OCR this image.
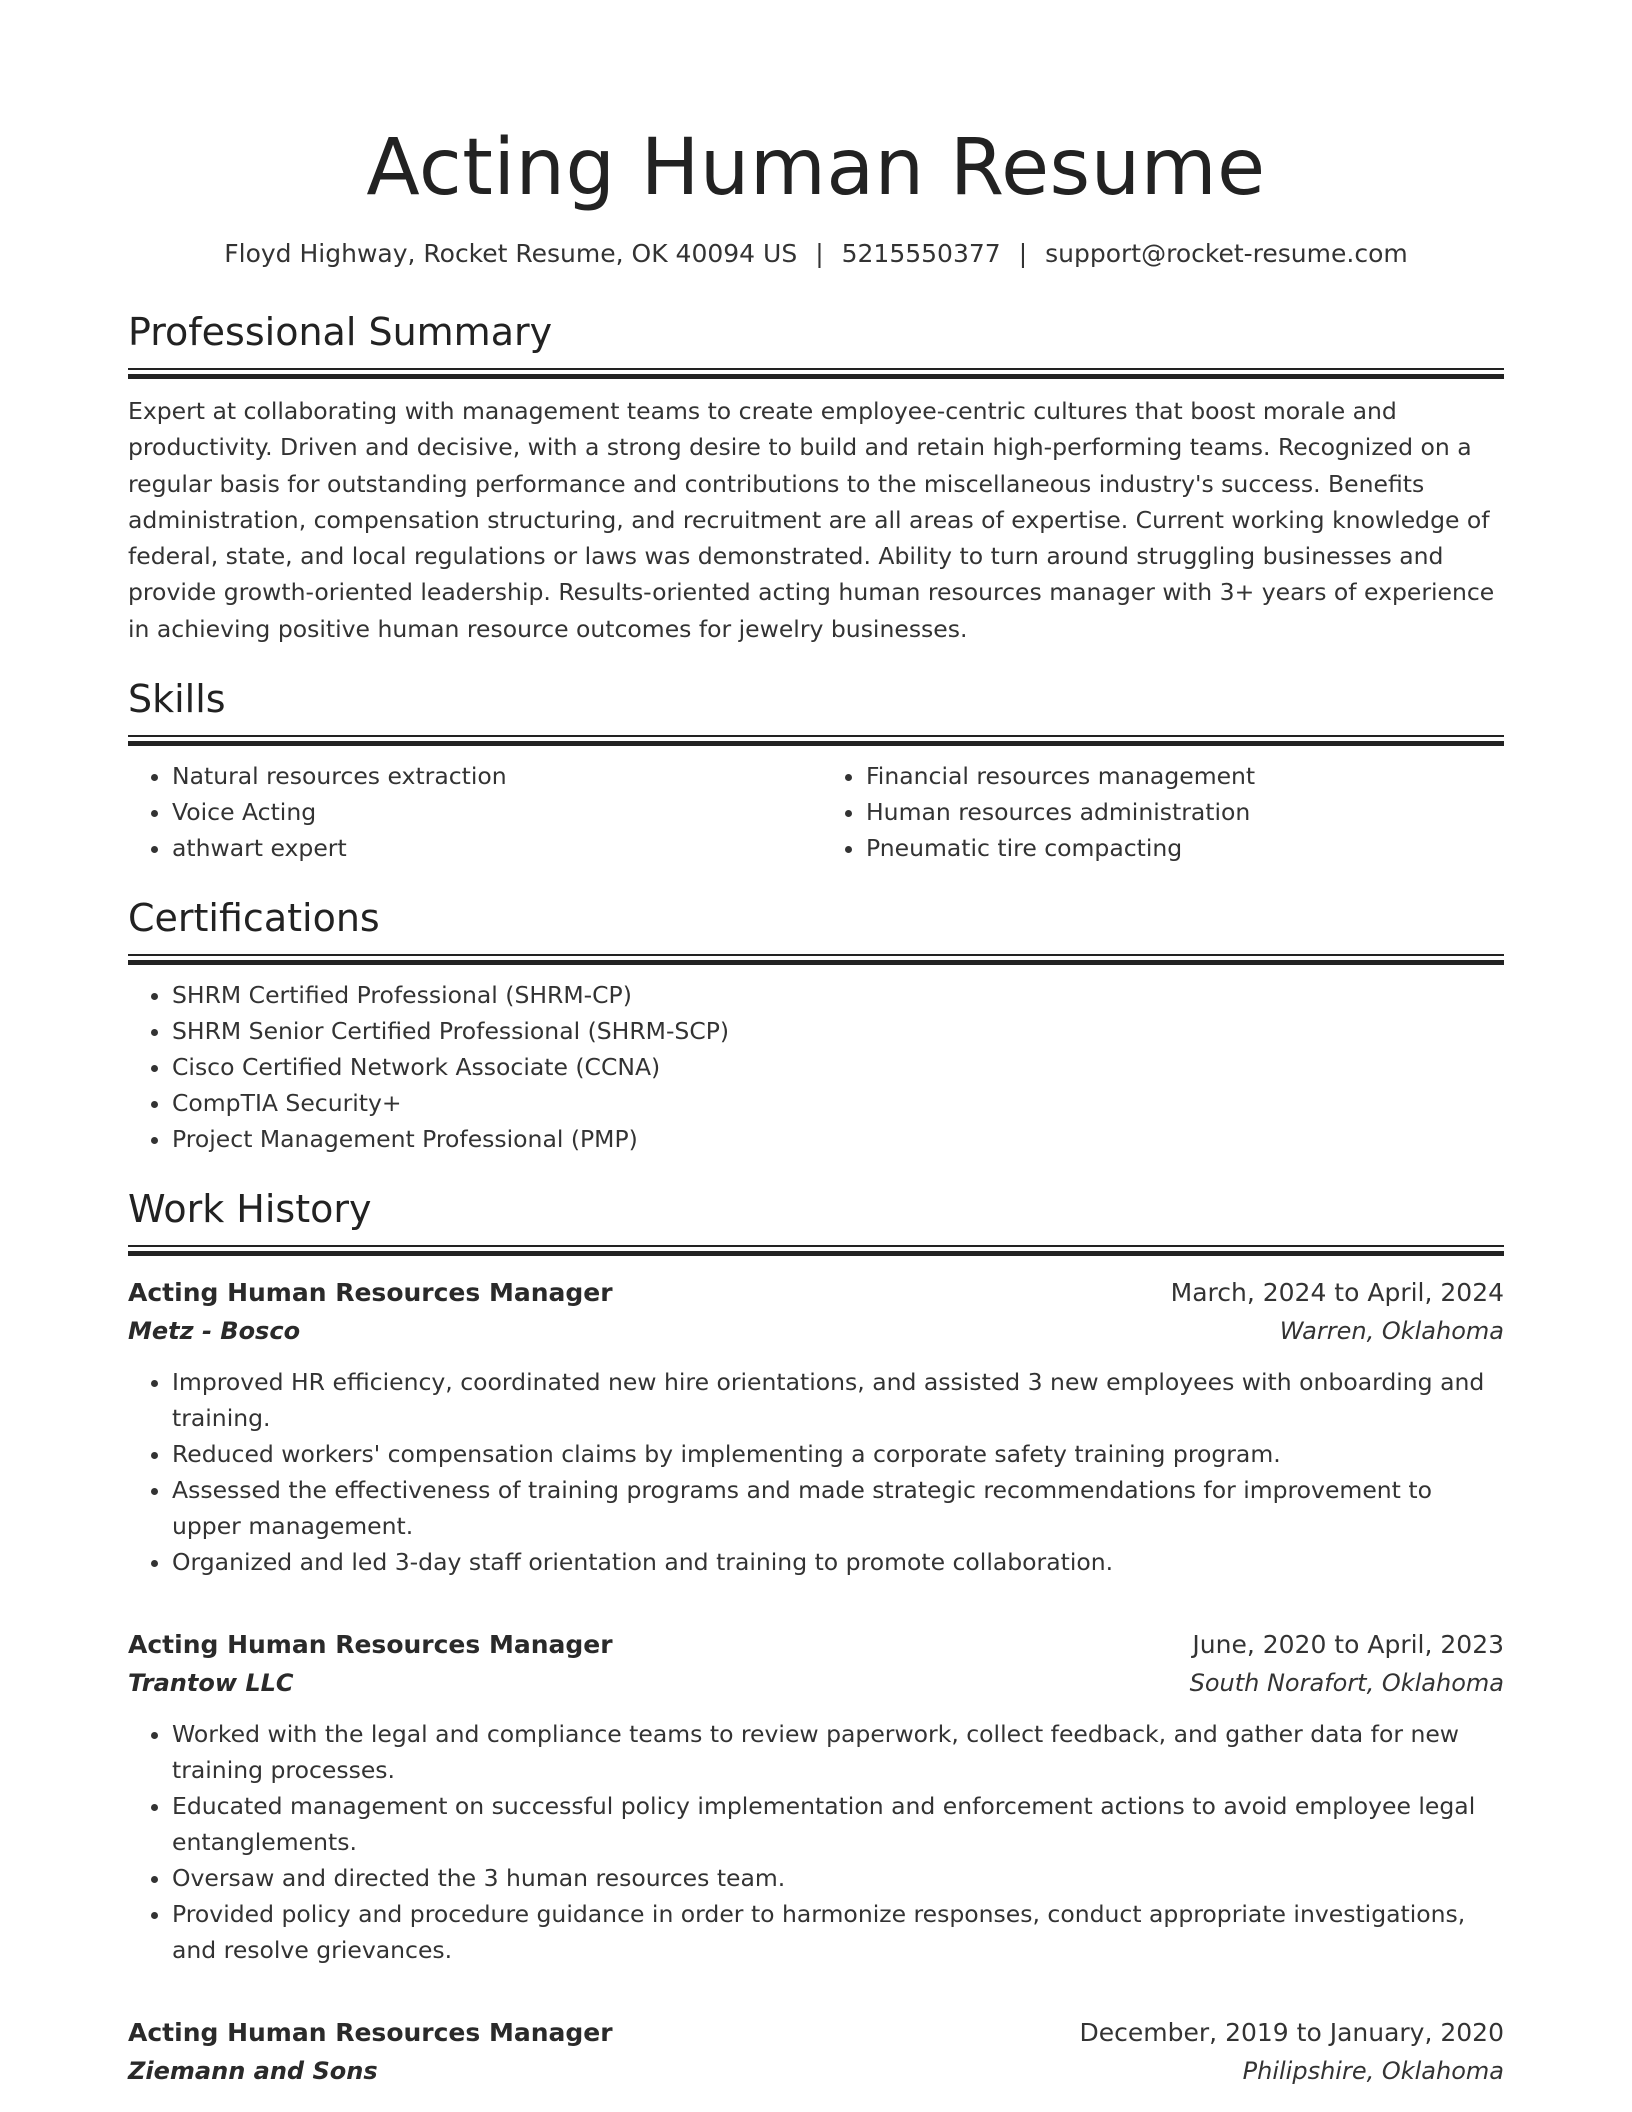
Acting Human Resume
Floyd Highway, Rocket Resume, OK 40094 US | 5215550377 | support@rocket-resume.com
Professional Summary

Expert at collaborating with management teams to create employee-centric cultures that boost morale and productivity. Driven and decisive, with a strong desire to build and retain high-performing teams. Recognized on a regular basis for outstanding performance and contributions to the miscellaneous industry's success. Benefits administration, compensation structuring, and recruitment are all areas of expertise. Current working knowledge of federal, state, and local regulations or laws was demonstrated. Ability to turn around struggling businesses and provide growth-oriented leadership. Results-oriented acting human resources manager with 3+ years of experience in achieving positive human resource outcomes for jewelry businesses.

Skills
• Natural resources extraction
• Voice Acting
• athwart expert
• Financial resources management
• Human resources administration
• Pneumatic tire compacting
Certifications
• SHRM Certified Professional (SHRM-CP)
• SHRM Senior Certified Professional (SHRM-SCP)
• Cisco Certified Network Associate (CCNA)
• CompTIA Security+
• Project Management Professional (PMP)
Work History
Acting Human Resources Manager	March, 2024 to April, 2024
Metz - Bosco	Warren, Oklahoma
• Improved HR efficiency, coordinated new hire orientations, and assisted 3 new employees with onboarding and training.
• Reduced workers' compensation claims by implementing a corporate safety training program.
• Assessed the effectiveness of training programs and made strategic recommendations for improvement to upper management.
• Organized and led 3-day staff orientation and training to promote collaboration.
Acting Human Resources Manager	June, 2020 to April, 2023
Trantow LLC	South Norafort, Oklahoma
• Worked with the legal and compliance teams to review paperwork, collect feedback, and gather data for new training processes.
• Educated management on successful policy implementation and enforcement actions to avoid employee legal entanglements.
• Oversaw and directed the 3 human resources team.
• Provided policy and procedure guidance in order to harmonize responses, conduct appropriate investigations, and resolve grievances.
Acting Human Resources Manager	December, 2019 to January, 2020
Ziemann and Sons	Philipshire, Oklahoma
